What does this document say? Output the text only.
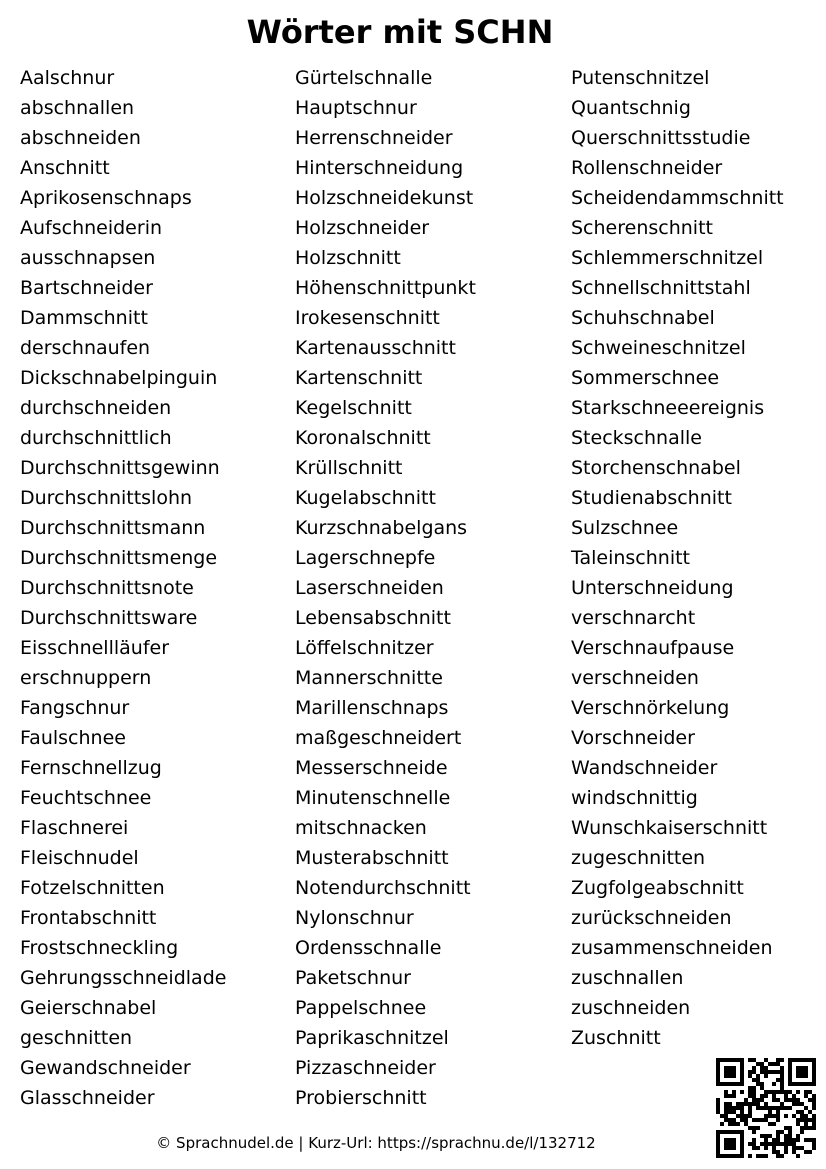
Wörter mit SCHN
Aalschnur
abschnallen
abschneiden
Anschnitt
Aprikosenschnaps
Aufschneiderin
ausschnapsen
Bartschneider
Dammschnitt
derschnaufen
Dickschnabelpinguin
durchschneiden
durchschnittlich
Durchschnittsgewinn
Durchschnittslohn
Durchschnittsmann
Durchschnittsmenge
Durchschnittsnote
Durchschnittsware
Eisschnellläufer
erschnuppern
Fangschnur
Faulschnee
Fernschnellzug
Feuchtschnee
Flaschnerei
Fleischnudel
Fotzelschnitten
Frontabschnitt
Frostschneckling
Gehrungsschneidlade
Geierschnabel
geschnitten
Gewandschneider
Glasschneider
Gürtelschnalle
Hauptschnur
Herrenschneider
Hinterschneidung
Holzschneidekunst
Holzschneider
Holzschnitt
Höhenschnittpunkt
Irokesenschnitt
Kartenausschnitt
Kartenschnitt
Kegelschnitt
Koronalschnitt
Krüllschnitt
Kugelabschnitt
Kurzschnabelgans
Lagerschnepfe
Laserschneiden
Lebensabschnitt
Löffelschnitzer
Mannerschnitte
Marillenschnaps
maßgeschneidert
Messerschneide
Minutenschnelle
mitschnacken
Musterabschnitt
Notendurchschnitt
Nylonschnur
Ordensschnalle
Paketschnur
Pappelschnee
Paprikaschnitzel
Pizzaschneider
Probierschnitt
Putenschnitzel
Quantschnig
Querschnittsstudie
Rollenschneider
Scheidendammschnitt
Scherenschnitt
Schlemmerschnitzel
Schnellschnittstahl
Schuhschnabel
Schweineschnitzel
Sommerschnee
Starkschneeereignis
Steckschnalle
Storchenschnabel
Studienabschnitt
Sulzschnee
Taleinschnitt
Unterschneidung
verschnarcht
Verschnaufpause
verschneiden
Verschnörkelung
Vorschneider
Wandschneider
windschnittig
Wunschkaiserschnitt
zugeschnitten
Zugfolgeabschnitt
zurückschneiden
zusammenschneiden
zuschnallen
zuschneiden
Zuschnitt
© Sprachnudel.de | Kurz-Url: https://sprachnu.de/l/132712
